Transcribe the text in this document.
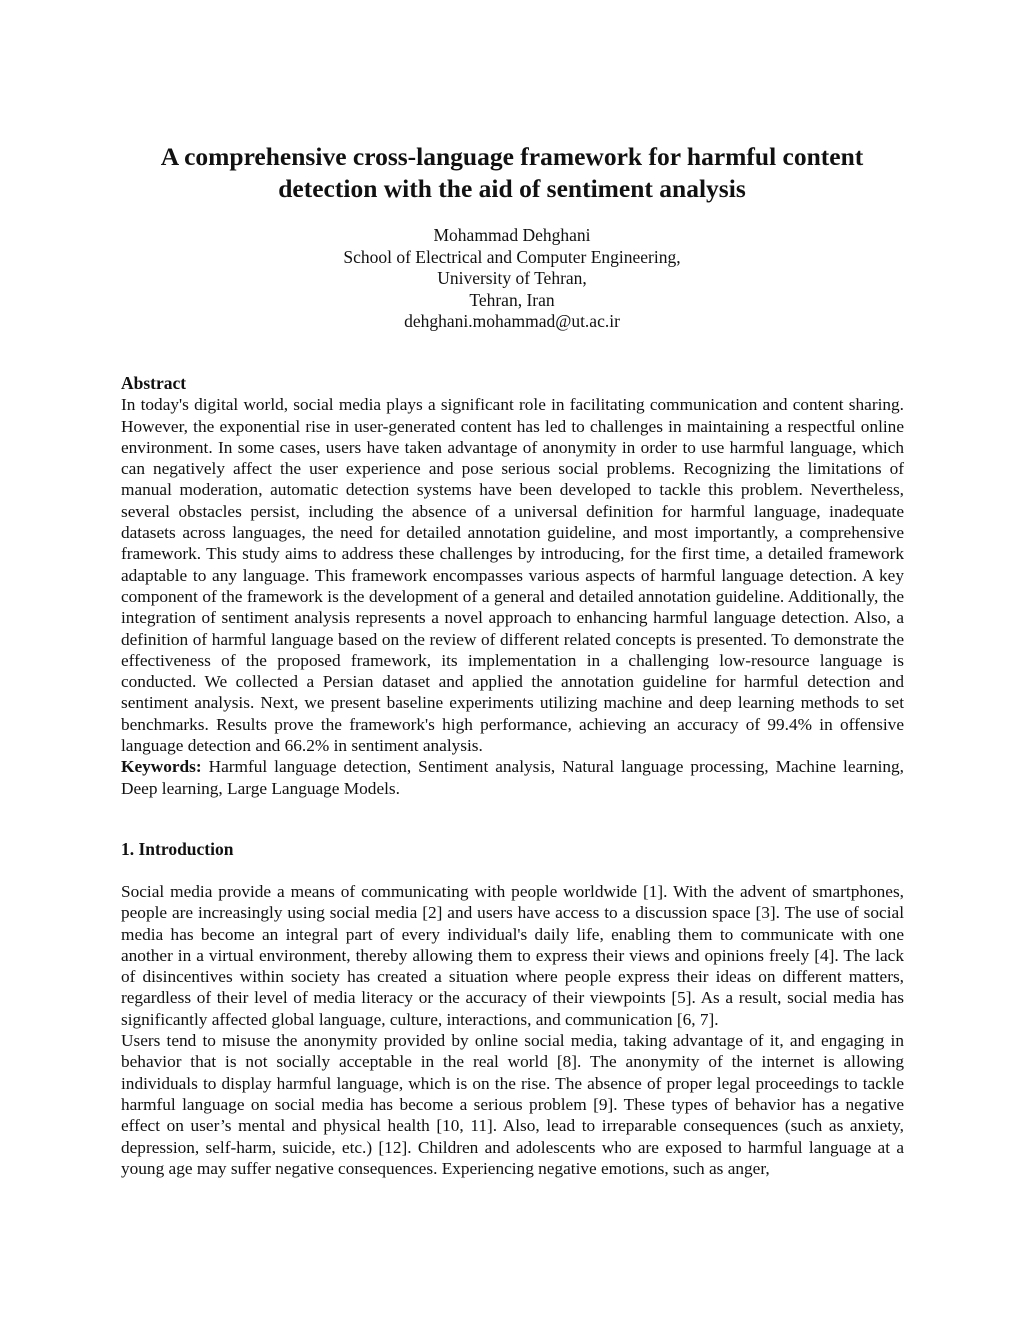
A comprehensive cross-language framework for harmful content
detection with the aid of sentiment analysis
Mohammad Dehghani
School of Electrical and Computer Engineering,
University of Tehran,
Tehran, Iran
dehghani.mohammad@ut.ac.ir
Abstract

In today's digital world, social media plays a significant role in facilitating communication and content sharing. However, the exponential rise in user-generated content has led to challenges in maintaining a respectful online environment. In some cases, users have taken advantage of anonymity in order to use harmful language, which can negatively affect the user experience and pose serious social problems. Recognizing the limitations of manual moderation, automatic detection systems have been developed to tackle this problem. Nevertheless, several obstacles persist, including the absence of a universal definition for harmful language, inadequate datasets across languages, the need for detailed annotation guideline, and most importantly, a comprehensive framework. This study aims to address these challenges by introducing, for the first time, a detailed framework adaptable to any language. This framework encompasses various aspects of harmful language detection. A key component of the framework is the development of a general and detailed annotation guideline. Additionally, the integration of sentiment analysis represents a novel approach to enhancing harmful language detection. Also, a definition of harmful language based on the review of different related concepts is presented. To demonstrate the effectiveness of the proposed framework, its implementation in a challenging low-resource language is conducted. We collected a Persian dataset and applied the annotation guideline for harmful detection and sentiment analysis. Next, we present baseline experiments utilizing machine and deep learning methods to set benchmarks. Results prove the framework's high performance, achieving an accuracy of 99.4% in offensive language detection and 66.2% in sentiment analysis.

Keywords: Harmful language detection, Sentiment analysis, Natural language processing, Machine learning, Deep learning, Large Language Models.

1. Introduction

Social media provide a means of communicating with people worldwide [1]. With the advent of smartphones, people are increasingly using social media [2] and users have access to a discussion space [3]. The use of social media has become an integral part of every individual's daily life, enabling them to communicate with one another in a virtual environment, thereby allowing them to express their views and opinions freely [4]. The lack of disincentives within society has created a situation where people express their ideas on different matters, regardless of their level of media literacy or the accuracy of their viewpoints [5]. As a result, social media has significantly affected global language, culture, interactions, and communication [6, 7].

Users tend to misuse the anonymity provided by online social media, taking advantage of it, and engaging in behavior that is not socially acceptable in the real world [8]. The anonymity of the internet is allowing individuals to display harmful language, which is on the rise. The absence of proper legal proceedings to tackle harmful language on social media has become a serious problem [9]. These types of behavior has a negative effect on user’s mental and physical health [10, 11]. Also, lead to irreparable consequences (such as anxiety, depression, self-harm, suicide, etc.) [12]. Children and adolescents who are exposed to harmful language at a young age may suffer negative consequences. Experiencing negative emotions, such as anger,
